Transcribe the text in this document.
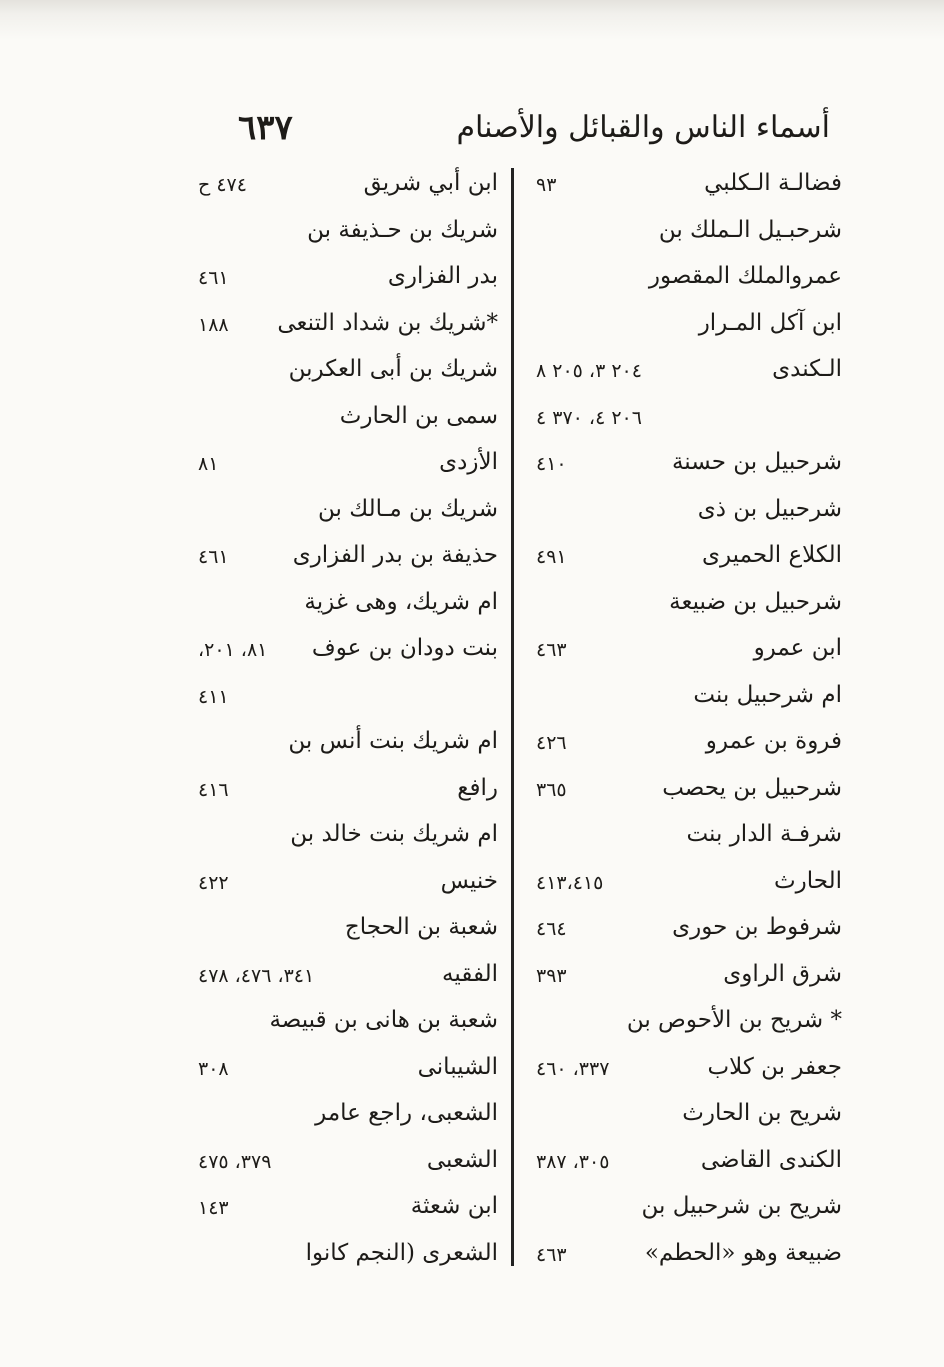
٦٣٧	أسماء الناس والقبائل والأصنام
٩٣	فضالـة الـكلبي
شرحبـيل الـملك بن
عمروالملك المقصور
ابن آكل المـرار
٢٠٤ ٣، ٢٠٥ ٨	الـكندى
٢٠٦ ٤، ٣٧٠ ٤
٤١٠	شرحبيل بن حسنة
شرحبيل بن ذى
٤٩١	الكلاع الحميرى
شرحبيل بن ضبيعة
٤٦٣	ابن عمرو
ام شرحبيل بنت
٤٢٦	فروة بن عمرو
٣٦٥	شرحبيل بن يحصب
شرفـة الدار بنت
٤١٣،٤١٥	الحارث
٤٦٤	شرفوط بن حورى
٣٩٣	شرق الراوى
* شريح بن الأحوص بن
٣٣٧، ٤٦٠	جعفر بن كلاب
شريح بن الحارث
٣٠٥، ٣٨٧	الكندى القاضى
شريح بن شرحبيل بن
٤٦٣	ضبيعة وهو «الحطم»
٤٧٤ ح	ابن أبي شريق
شريك بن حـذيفة بن
٤٦١	بدر الفزارى
١٨٨ *شريك بن شداد التنعى
شريك بن أبى العكربن
سمى بن الحارث
٨١	الأزدى
شريك بن مـالك بن
٤٦١	حذيفة بن بدر الفزارى
ام شريك، وهى غزية
٨١، ٢٠١، بنت دودان بن عوف
٤١١
ام شريك بنت أنس بن
٤١٦	رافع
ام شريك بنت خالد بن
٤٢٢	خنيس
شعبة بن الحجاج
٣٤١، ٤٧٦، ٤٧٨	الفقيه
شعبة بن هانى بن قبيصة
٣٠٨	الشيبانى
الشعبى، راجع عامر
٣٧٩، ٤٧٥	الشعبى
١٤٣	ابن شعثة
الشعرى (النجم كانوا
